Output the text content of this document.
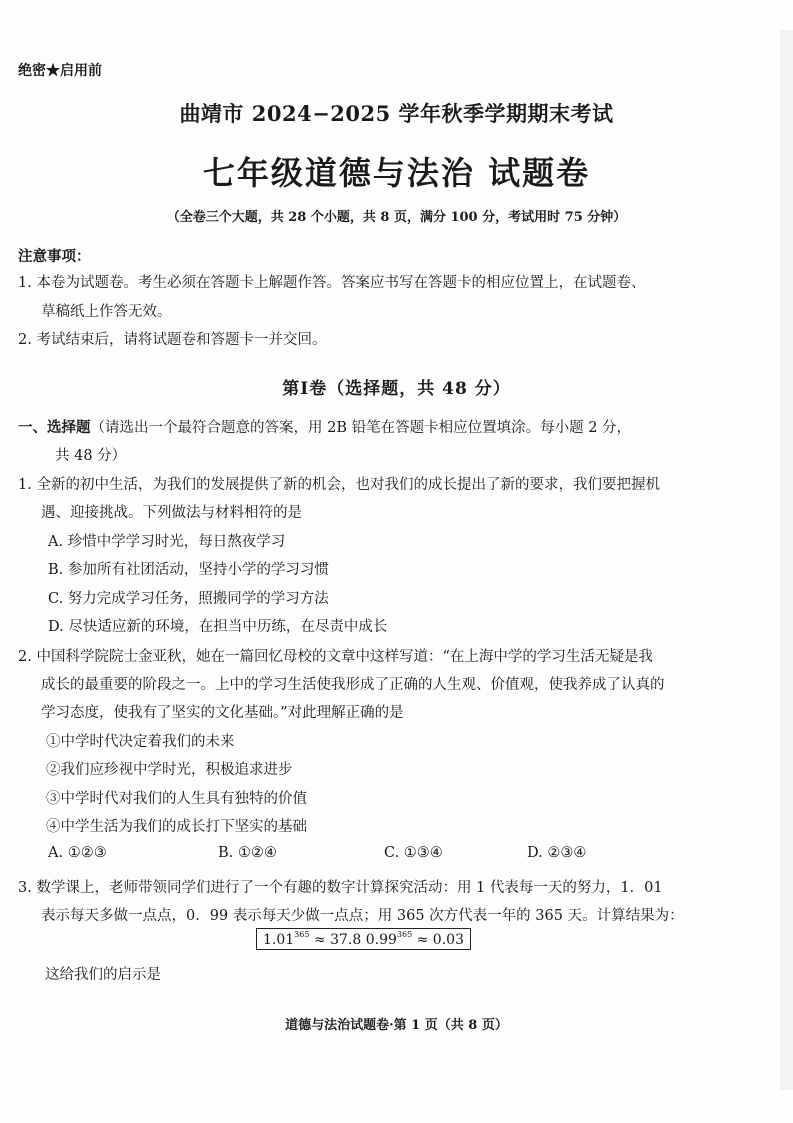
绝密★启用前
曲靖市 2024−2025 学年秋季学期期末考试
七年级道德与法治 试题卷
（全卷三个大题，共 28 个小题，共 8 页，满分 100 分，考试用时 75 分钟）
注意事项：
1. 本卷为试题卷。考生必须在答题卡上解题作答。答案应书写在答题卡的相应位置上，在试题卷、
草稿纸上作答无效。
2. 考试结束后，请将试题卷和答题卡一并交回。
第Ⅰ卷（选择题，共 48 分）
一、选择题（请选出一个最符合题意的答案，用 2B 铅笔在答题卡相应位置填涂。每小题 2 分，
共 48 分）
1. 全新的初中生活，为我们的发展提供了新的机会，也对我们的成长提出了新的要求，我们要把握机
遇、迎接挑战。下列做法与材料相符的是
A. 珍惜中学学习时光，每日熬夜学习
B. 参加所有社团活动，坚持小学的学习习惯
C. 努力完成学习任务，照搬同学的学习方法
D. 尽快适应新的环境，在担当中历练，在尽责中成长
2. 中国科学院院士金亚秋，她在一篇回忆母校的文章中这样写道：“在上海中学的学习生活无疑是我
成长的最重要的阶段之一。上中的学习生活使我形成了正确的人生观、价值观，使我养成了认真的
学习态度，使我有了坚实的文化基础。”对此理解正确的是
①中学时代决定着我们的未来
②我们应珍视中学时光，积极追求进步
③中学时代对我们的人生具有独特的价值
④中学生活为我们的成长打下坚实的基础
A. ①②③	B. ①②④	C. ①③④	D. ②③④
3. 数学课上，老师带领同学们进行了一个有趣的数字计算探究活动：用 1 代表每一天的努力，1．01
表示每天多做一点点，0．99 表示每天少做一点点；用 365 次方代表一年的 365 天。计算结果为：
$1.01^{365} \approx 37.8$ $0.99^{365} \approx 0.03$
这给我们的启示是
道德与法治试题卷·第 1 页（共 8 页）
